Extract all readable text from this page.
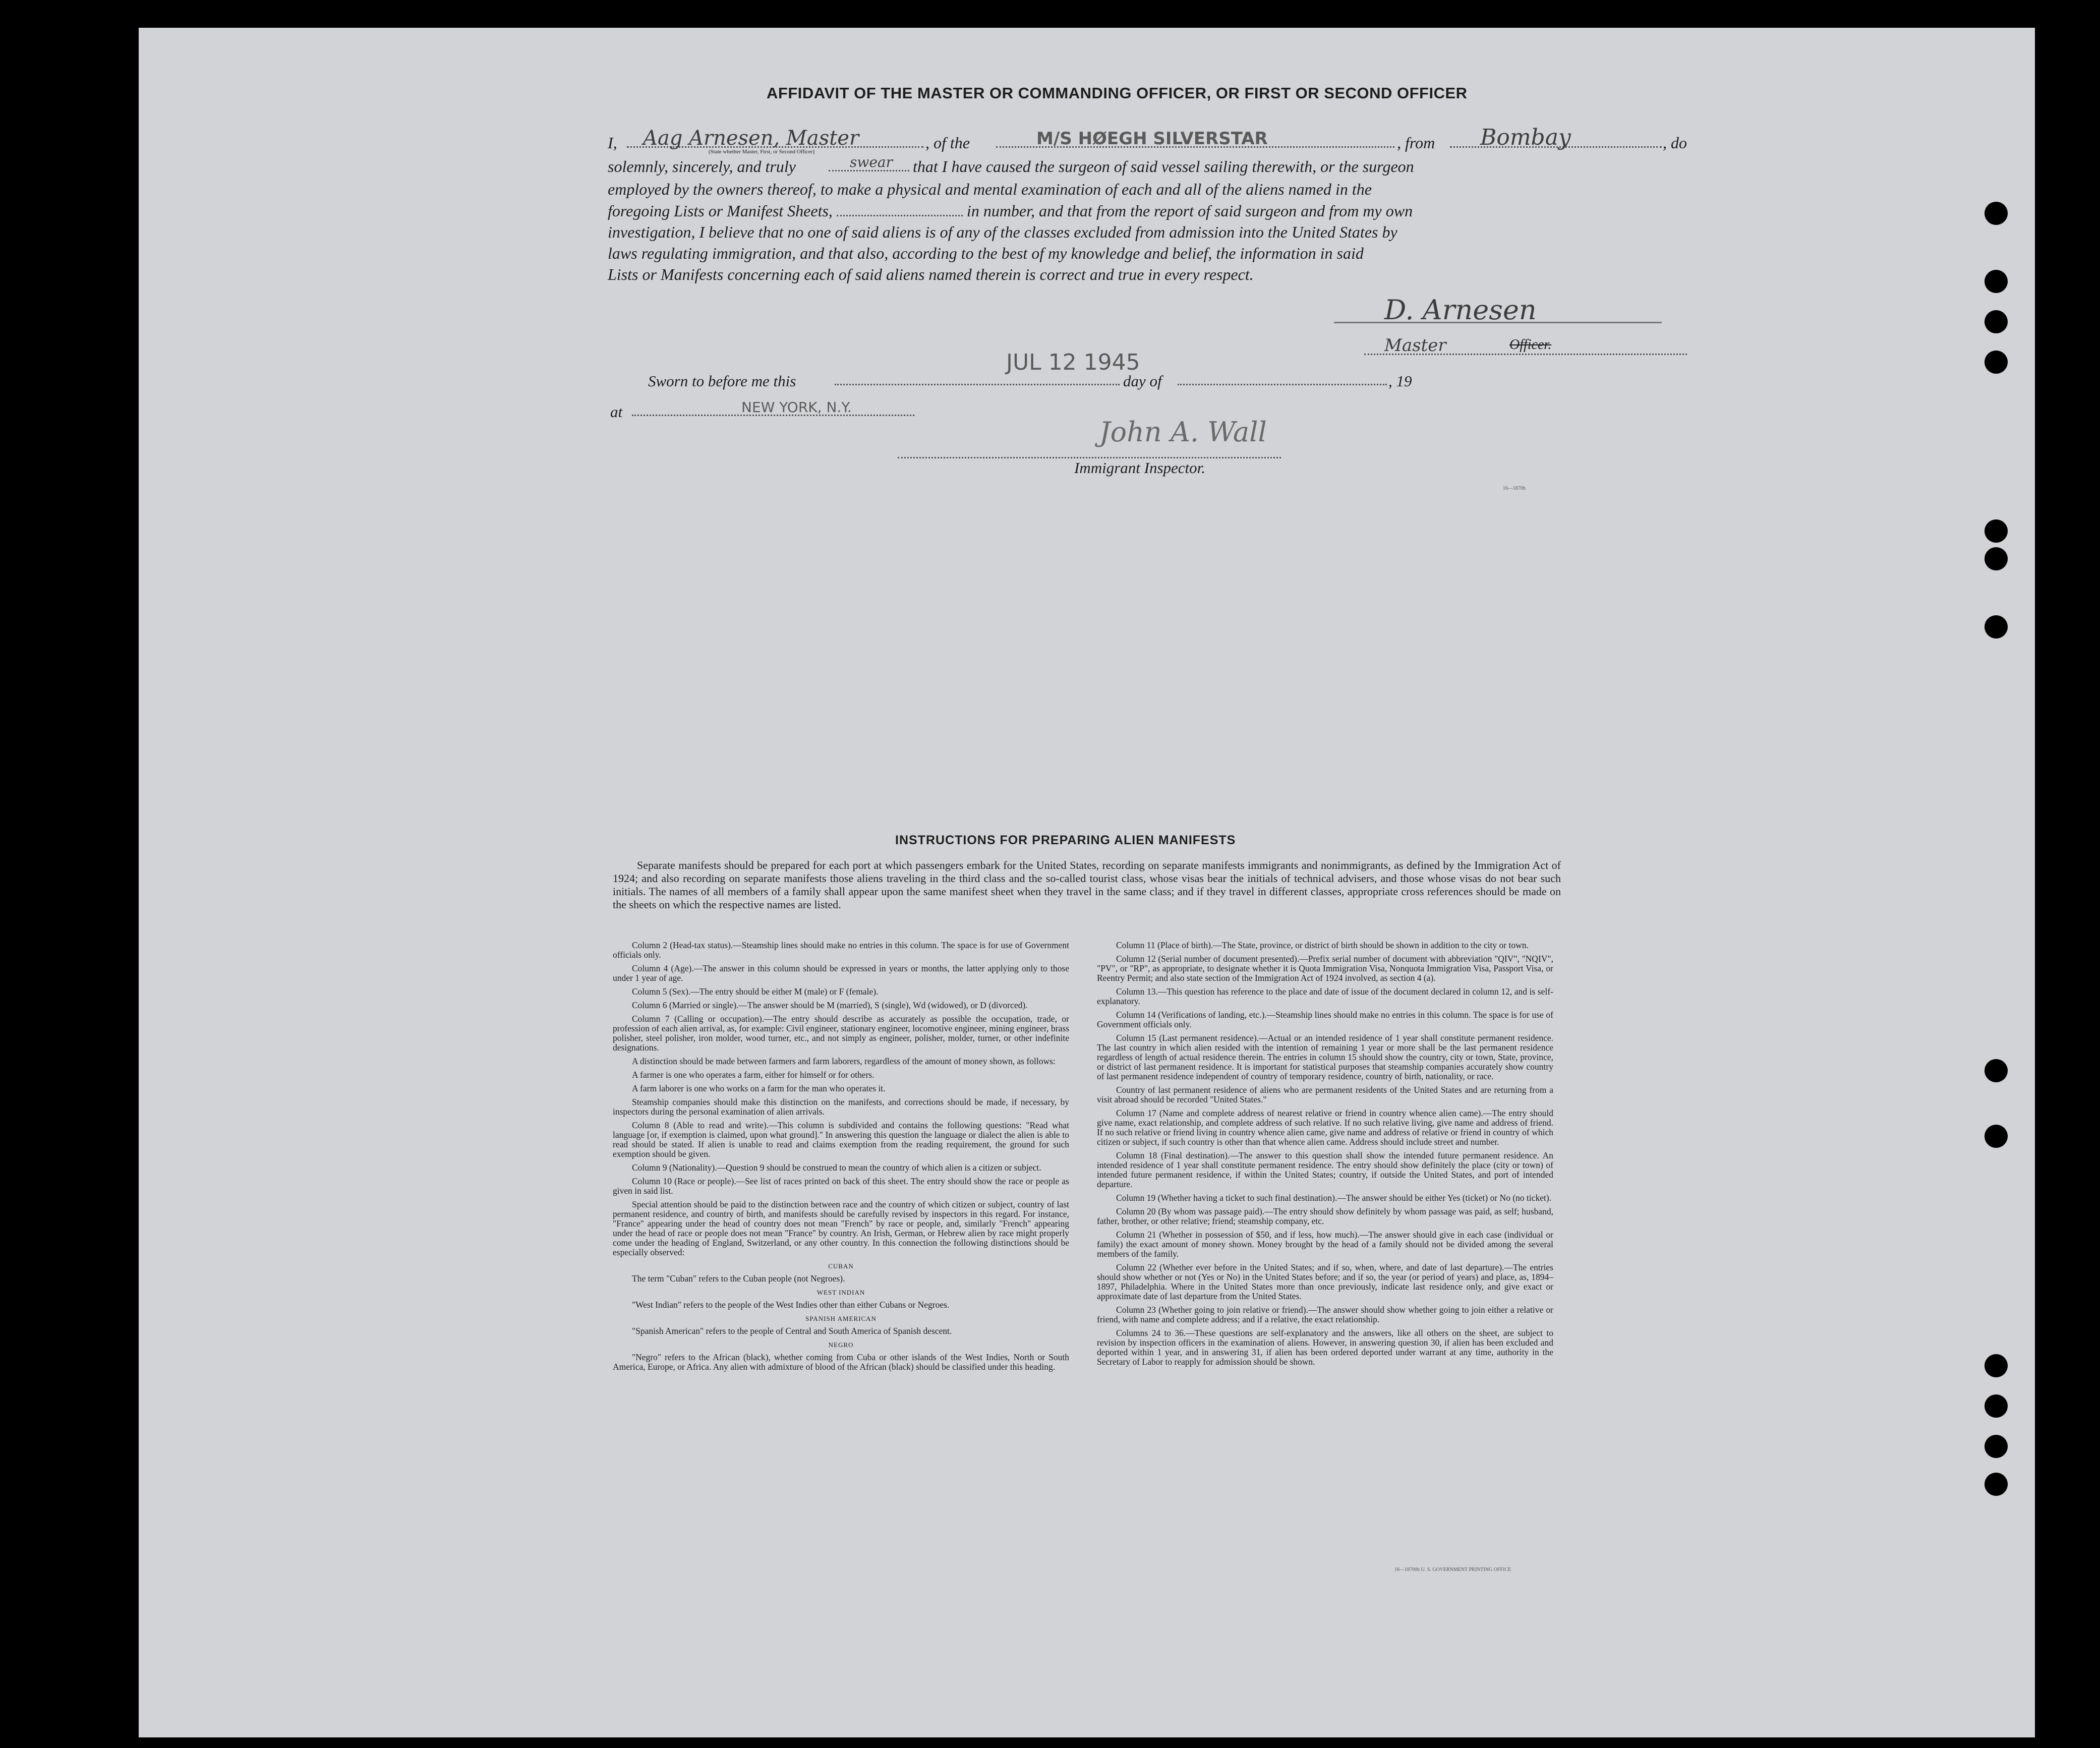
AFFIDAVIT OF THE MASTER OR COMMANDING OFFICER, OR FIRST OR SECOND OFFICER
I, Aag Arnesen, Master	, of the	M/S HØEGH SILVERSTAR	, from Bombay	, do
(State whether Master, First, or Second Officer)
solemnly, sincerely, and truly	swear that I have caused the surgeon of said vessel sailing therewith, or the surgeon

employed by the owners thereof, to make a physical and mental examination of each and all of the aliens named in the

foregoing Lists or Manifest Sheets,	in number, and that from the report of said surgeon and from my own

investigation, I believe that no one of said aliens is of any of the classes excluded from admission into the United States by

laws regulating immigration, and that also, according to the best of my knowledge and belief, the information in said

Lists or Manifests concerning each of said aliens named therein is correct and true in every respect.

D. Arnesen
Master	Officer.
JUL 12 1945
Sworn to before me this	day of	, 19
at	NEW YORK, N.Y.
John A. Wall
Immigrant Inspector.
16—1870b
INSTRUCTIONS FOR PREPARING ALIEN MANIFESTS
Separate manifests should be prepared for each port at which passengers embark for the United States, recording on separate manifests immigrants and nonimmigrants, as defined by the Immigration Act of 1924; and also recording on separate manifests those aliens traveling in the third class and the so-called tourist class, whose visas bear the initials of technical advisers, and those whose visas do not bear such initials. The names of all members of a family shall appear upon the same manifest sheet when they travel in the same class; and if they travel in different classes, appropriate cross references should be made on the sheets on which the respective names are listed.

Column 2 (Head-tax status).—Steamship lines should make no entries in this column. The space is for use of Government officials only.

Column 4 (Age).—The answer in this column should be expressed in years or months, the latter applying only to those under 1 year of age.

Column 5 (Sex).—The entry should be either M (male) or F (female).

Column 6 (Married or single).—The answer should be M (married), S (single), Wd (widowed), or D (divorced).

Column 7 (Calling or occupation).—The entry should describe as accurately as possible the occupation, trade, or profession of each alien arrival, as, for example: Civil engineer, stationary engineer, locomotive engineer, mining engineer, brass polisher, steel polisher, iron molder, wood turner, etc., and not simply as engineer, polisher, molder, turner, or other indefinite designations.

A distinction should be made between farmers and farm laborers, regardless of the amount of money shown, as follows:

A farmer is one who operates a farm, either for himself or for others.

A farm laborer is one who works on a farm for the man who operates it.

Steamship companies should make this distinction on the manifests, and corrections should be made, if necessary, by inspectors during the personal examination of alien arrivals.

Column 8 (Able to read and write).—This column is subdivided and contains the following questions: "Read what language [or, if exemption is claimed, upon what ground]." In answering this question the language or dialect the alien is able to read should be stated. If alien is unable to read and claims exemption from the reading requirement, the ground for such exemption should be given.

Column 9 (Nationality).—Question 9 should be construed to mean the country of which alien is a citizen or subject.

Column 10 (Race or people).—See list of races printed on back of this sheet. The entry should show the race or people as given in said list.

Special attention should be paid to the distinction between race and the country of which citizen or subject, country of last permanent residence, and country of birth, and manifests should be carefully revised by inspectors in this regard. For instance, "France" appearing under the head of country does not mean "French" by race or people, and, similarly "French" appearing under the head of race or people does not mean "France" by country. An Irish, German, or Hebrew alien by race might properly come under the heading of England, Switzerland, or any other country. In this connection the following distinctions should be especially observed:

CUBAN

The term "Cuban" refers to the Cuban people (not Negroes).

WEST INDIAN

"West Indian" refers to the people of the West Indies other than either Cubans or Negroes.

SPANISH AMERICAN

"Spanish American" refers to the people of Central and South America of Spanish descent.

NEGRO

"Negro" refers to the African (black), whether coming from Cuba or other islands of the West Indies, North or South America, Europe, or Africa. Any alien with admixture of blood of the African (black) should be classified under this heading.

Column 11 (Place of birth).—The State, province, or district of birth should be shown in addition to the city or town.

Column 12 (Serial number of document presented).—Prefix serial number of document with abbreviation "QIV", "NQIV", "PV", or "RP", as appropriate, to designate whether it is Quota Immigration Visa, Nonquota Immigration Visa, Passport Visa, or Reentry Permit; and also state section of the Immigration Act of 1924 involved, as section 4 (a).

Column 13.—This question has reference to the place and date of issue of the document declared in column 12, and is self-explanatory.

Column 14 (Verifications of landing, etc.).—Steamship lines should make no entries in this column. The space is for use of Government officials only.

Column 15 (Last permanent residence).—Actual or an intended residence of 1 year shall constitute permanent residence. The last country in which alien resided with the intention of remaining 1 year or more shall be the last permanent residence regardless of length of actual residence therein. The entries in column 15 should show the country, city or town, State, province, or district of last permanent residence. It is important for statistical purposes that steamship companies accurately show country of last permanent residence independent of country of temporary residence, country of birth, nationality, or race.

Country of last permanent residence of aliens who are permanent residents of the United States and are returning from a visit abroad should be recorded "United States."

Column 17 (Name and complete address of nearest relative or friend in country whence alien came).—The entry should give name, exact relationship, and complete address of such relative. If no such relative living, give name and address of friend. If no such relative or friend living in country whence alien came, give name and address of relative or friend in country of which citizen or subject, if such country is other than that whence alien came. Address should include street and number.

Column 18 (Final destination).—The answer to this question shall show the intended future permanent residence. An intended residence of 1 year shall constitute permanent residence. The entry should show definitely the place (city or town) of intended future permanent residence, if within the United States; country, if outside the United States, and port of intended departure.

Column 19 (Whether having a ticket to such final destination).—The answer should be either Yes (ticket) or No (no ticket).

Column 20 (By whom was passage paid).—The entry should show definitely by whom passage was paid, as self; husband, father, brother, or other relative; friend; steamship company, etc.

Column 21 (Whether in possession of $50, and if less, how much).—The answer should give in each case (individual or family) the exact amount of money shown. Money brought by the head of a family should not be divided among the several members of the family.

Column 22 (Whether ever before in the United States; and if so, when, where, and date of last departure).—The entries should show whether or not (Yes or No) in the United States before; and if so, the year (or period of years) and place, as, 1894–1897, Philadelphia. Where in the United States more than once previously, indicate last residence only, and give exact or approximate date of last departure from the United States.

Column 23 (Whether going to join relative or friend).—The answer should show whether going to join either a relative or friend, with name and complete address; and if a relative, the exact relationship.

Columns 24 to 36.—These questions are self-explanatory and the answers, like all others on the sheet, are subject to revision by inspection officers in the examination of aliens. However, in answering question 30, if alien has been excluded and deported within 1 year, and in answering 31, if alien has been ordered deported under warrant at any time, authority in the Secretary of Labor to reapply for admission should be shown.

16—18700b U. S. GOVERNMENT PRINTING OFFICE
